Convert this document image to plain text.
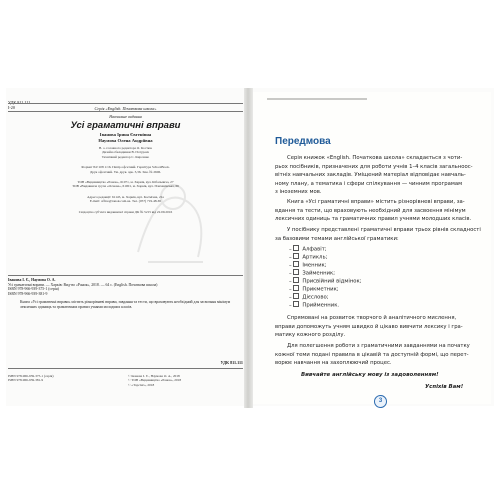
УДК 811.111
І-20	Серія «English. Початкова школа»
Навчальне видання
Усі граматичні вправи
Іванова Ірина Євгенівна
Наумова Олена Андріївна
В. о. головного редактора О. Костюк
Дизайн обкладинки В. Потураєв
Технічний редактор С. Кирсенко
Формат 84×108 1/16. Папір офсетний. Гарнітура SchoolBook.
Друк офсетний. Ум. друк. арк. 3,36. Зам. № 2606.
ТОВ «Видавництво «Ранок», 61071, м. Харків, вул. Кібальчича, 27
ТОВ «Видавнича група «Основа», 61001, м. Харків, вул. Плеханівська, 66
Адреса редакції: 61145, м. Харків, вул. Космічна, 21а
E-mail: office@ranok.com.ua. Тел. (057) 719-48-65
Свідоцтво суб'єкта видавничої справи ДК № 5215 від 22.09.2016
Іванова І. Є., Наумова О. А.
Усі граматичні вправи. — Харків: Вид-во «Ранок», 2018. — 64 с. (English. Початкова школа)
ISBN 978-966-939-375-1 (серія)
ISBN 978-966-939-381-9
Книга «Усі граматичні вправи» містить різнорівневі вправи, завдання та тести, що враховують необхідний для засвоєння мінімум лексичних одиниць та граматичних правил учнями молодших класів.
УДК 811.111
ISBN 978-966-939-375-1 (серія)
ISBN 978-966-939-381-9
© Іванова І. Є., Наумова О. А., 2018
© ТОВ «Видавництво «Ранок», 2018
© «Торсінг», 2018
Передмова
Серія книжок «English. Початкова школа» складається з чоти-
рьох посібників, призначених для роботи учнів 1–4 класів загальноос-
вітніх навчальних закладів. Уміщений матеріал відповідає навчаль-
ному плану, а тематика і сфери спілкування — чинним програмам
з іноземних мов.
Книга «Усі граматичні вправи» містить різнорівневі вправи, за-
вдання та тести, що враховують необхідний для засвоєння мінімум
лексичних одиниць та граматичних правил учнями молодших класів.
У посібнику представлені граматичні вправи трьох рівнів складності
за базовими темами англійської граматики:
– Алфавіт;
– Артикль;
– Іменник;
– Займенник;
– Присвійний відмінок;
– Прикметник;
– Дієслово;
– Прийменник.
Спрямовані на розвиток творчого й аналітичного мислення,
вправи допоможуть учням швидко й цікаво вивчити лексику і гра-
матику кожного розділу.
Для полегшення роботи з граматичними завданнями на початку
кожної теми подані правила в цікавій та доступній формі, що перет-
ворює навчання на захоплюючий процес.
Вивчайте англійську мову із задоволенням!
Успіхів Вам!
3
